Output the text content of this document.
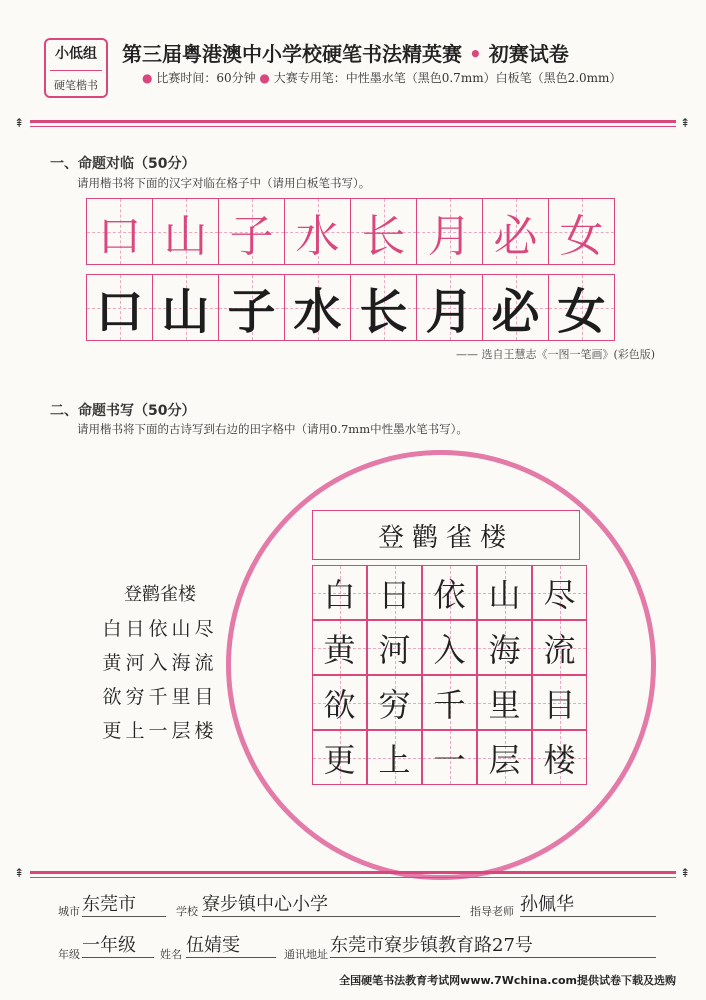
小低组
硬笔楷书
第三届粤港澳中小学校硬笔书法精英赛 • 初赛试卷
● 比赛时间：60分钟 ● 大赛专用笔：中性墨水笔（黑色0.7mm）白板笔（黑色2.0mm）
⇞	⇞
一、命题对临（50分）
请用楷书将下面的汉字对临在格子中（请用白板笔书写）。
口 山 子 水 长 月 必 女
口 山 子 水 长 月 必 女
—— 选自王慧志《一图一笔画》(彩色版)
二、命题书写（50分）
请用楷书将下面的古诗写到右边的田字格中（请用0.7mm中性墨水笔书写）。
登鹳雀楼
白日依山尽
黄河入海流
欲穷千里目
更上一层楼
登鹳雀楼
白 日 依 山 尽
黄 河 入 海 流
欲 穷 千 里 目
更 上 一 层 楼
⇞	⇞
城市 东莞市	学校 寮步镇中心小学	指导老师 孙佩华
年级 一年级	姓名 伍婧雯	通讯地址 东莞市寮步镇教育路27号
全国硬笔书法教育考试网www.7Wchina.com提供试卷下载及选购
